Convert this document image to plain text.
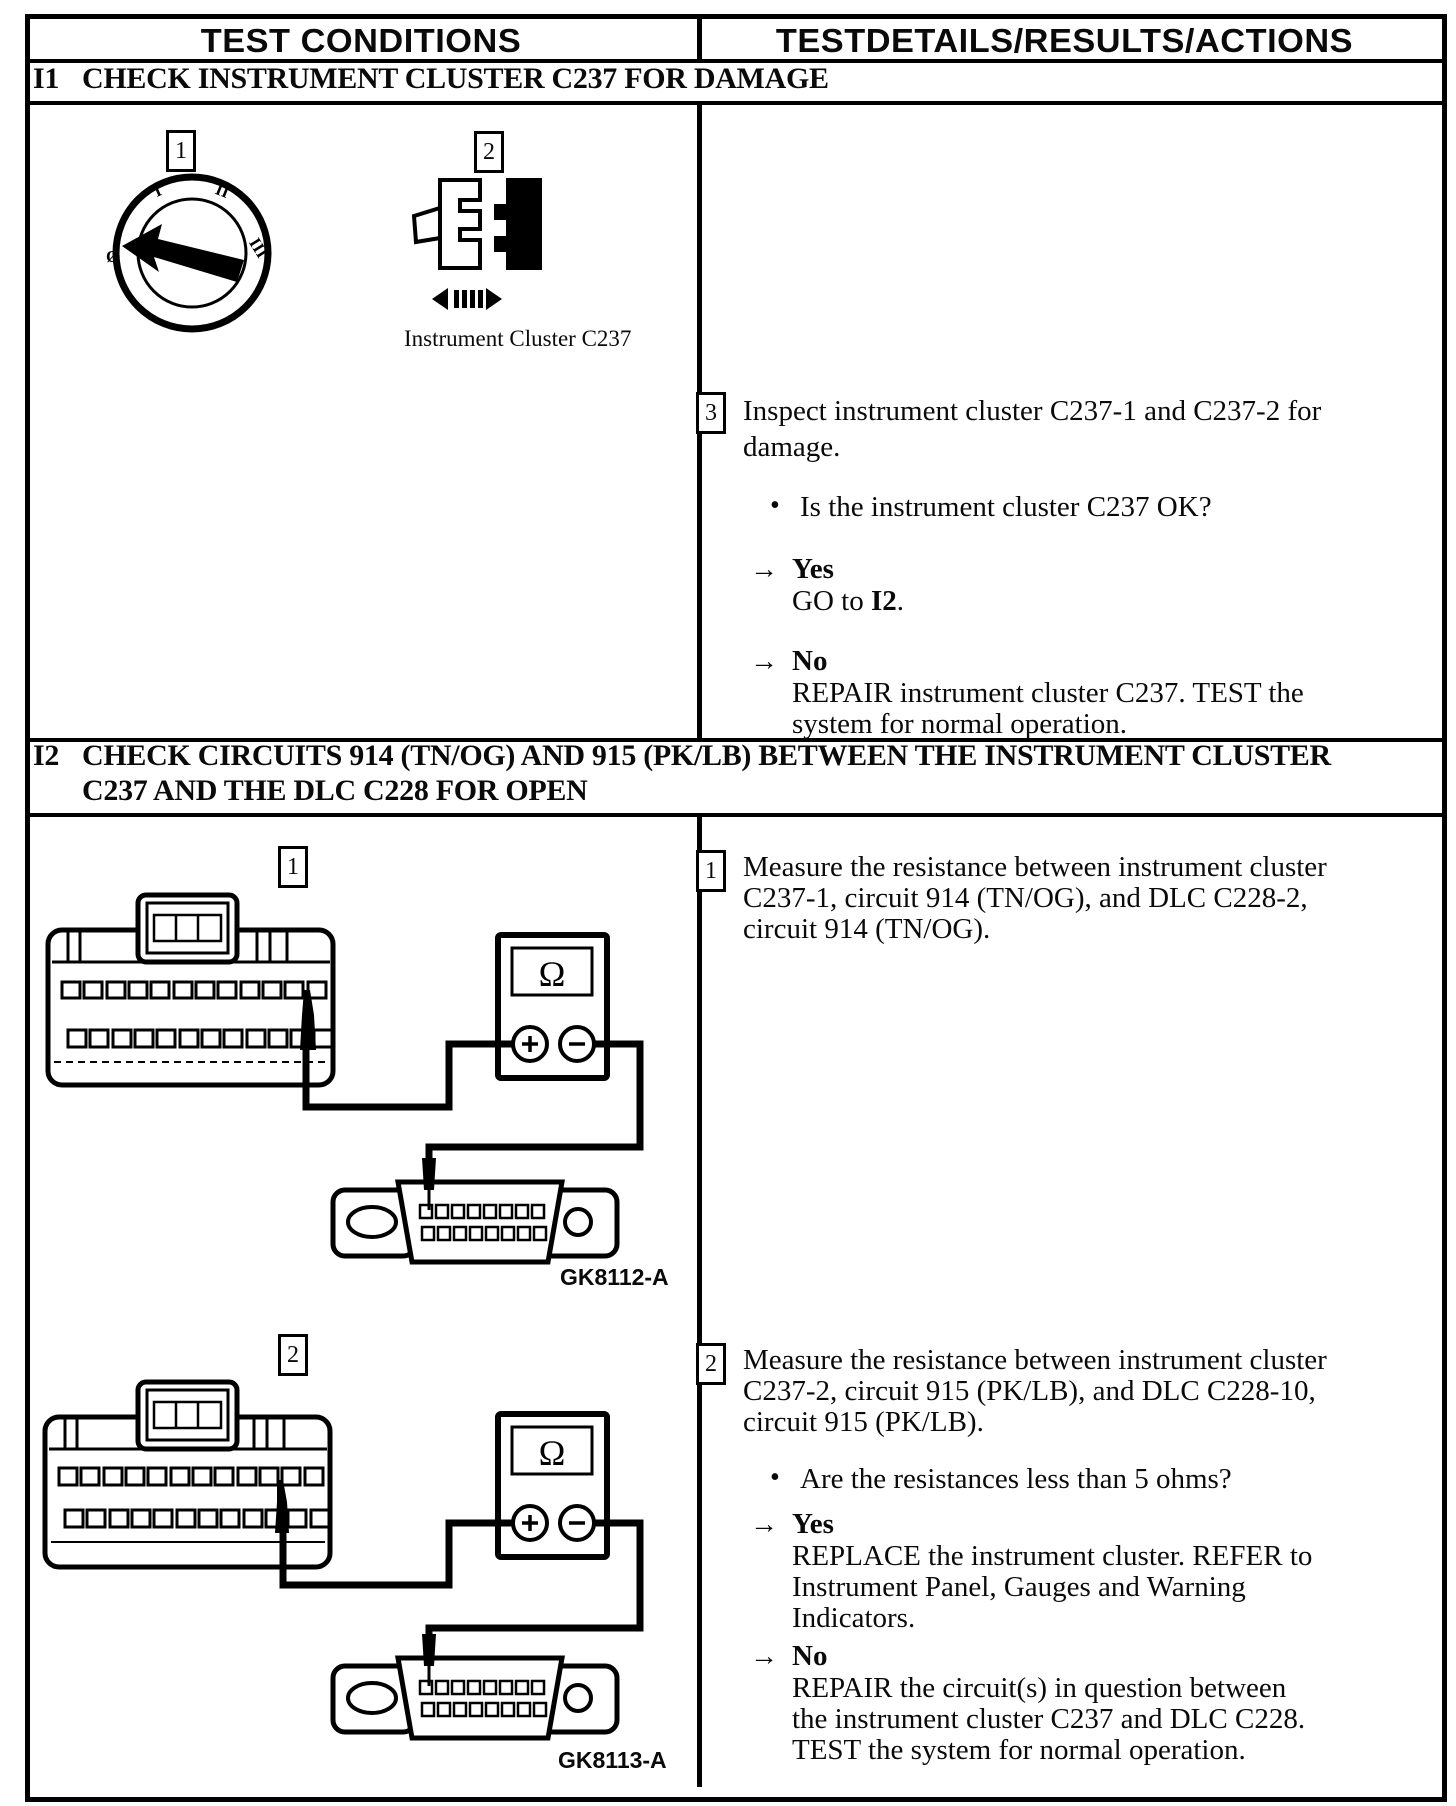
TEST CONDITIONS	TESTDETAILS/RESULTS/ACTIONS
I1 CHECK INSTRUMENT CLUSTER C237 FOR DAMAGE
1	2
Ø
I	II
III
Instrument Cluster C237
3 Inspect instrument cluster C237-1 and C237-2 for
damage.
• Is the instrument cluster C237 OK?
→ Yes
GO to I2.
→ No
REPAIR instrument cluster C237. TEST the
system for normal operation.
I2 CHECK CIRCUITS 914 (TN/OG) AND 915 (PK/LB) BETWEEN THE INSTRUMENT CLUSTER
C237 AND THE DLC C228 FOR OPEN
1
Ω
GK8112-A
2
Ω
GK8113-A
1 Measure the resistance between instrument cluster
C237-1, circuit 914 (TN/OG), and DLC C228-2,
circuit 914 (TN/OG).
2 Measure the resistance between instrument cluster
C237-2, circuit 915 (PK/LB), and DLC C228-10,
circuit 915 (PK/LB).
• Are the resistances less than 5 ohms?
→ Yes
REPLACE the instrument cluster. REFER to
Instrument Panel, Gauges and Warning
Indicators.
→ No
REPAIR the circuit(s) in question between
the instrument cluster C237 and DLC C228.
TEST the system for normal operation.
